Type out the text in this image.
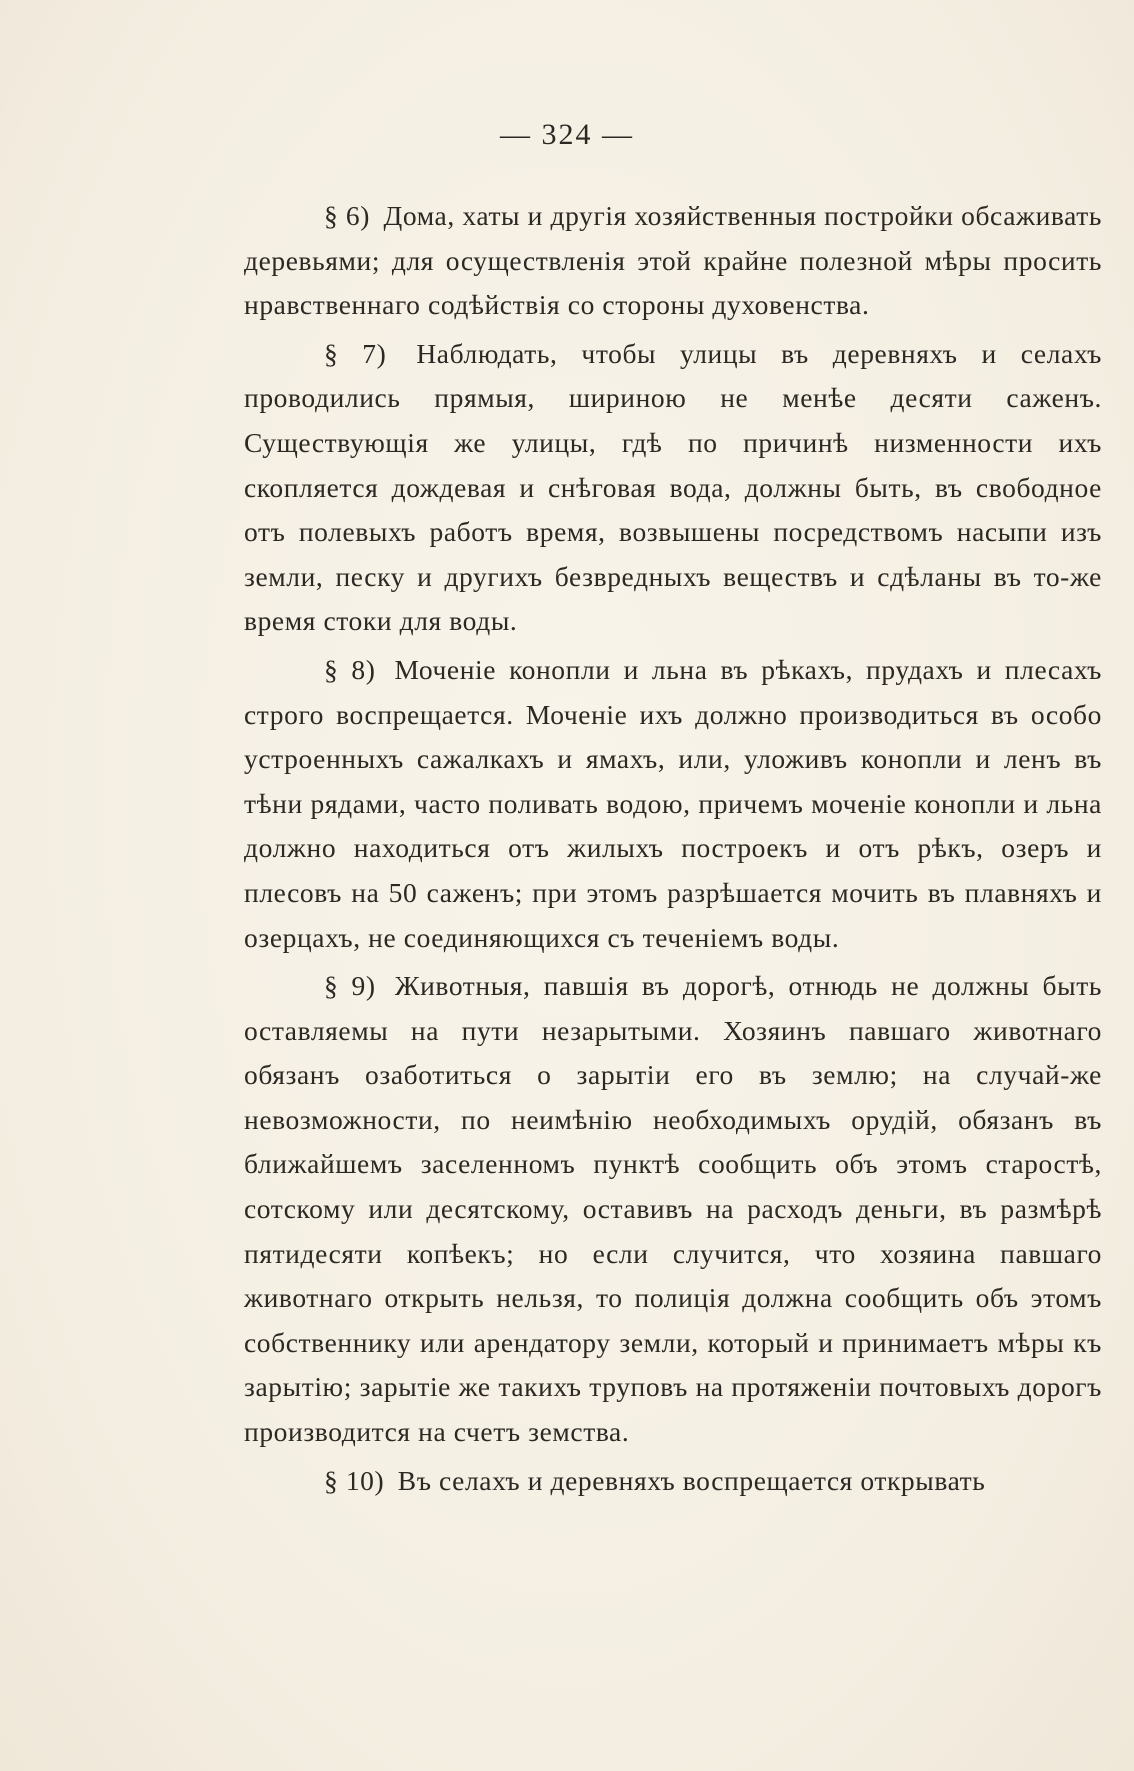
— 324 —

§ 6) Дома, хаты и другія хозяйственныя постройки обсаживать деревьями; для осуществленія этой крайне полезной мѣры просить нравственнаго содѣйствія со стороны духовенства.

§ 7) Наблюдать, чтобы улицы въ деревняхъ и селахъ проводились прямыя, шириною не менѣе десяти саженъ. Существующія же улицы, гдѣ по причинѣ низменности ихъ скопляется дождевая и снѣговая вода, должны быть, въ свободное отъ полевыхъ работъ время, возвышены посредствомъ насыпи изъ земли, песку и другихъ безвредныхъ веществъ и сдѣланы въ то-же время стоки для воды.

§ 8) Моченіе конопли и льна въ рѣкахъ, прудахъ и плесахъ строго воспрещается. Моченіе ихъ должно производиться въ особо устроенныхъ сажалкахъ и ямахъ, или, уложивъ конопли и ленъ въ тѣни рядами, часто поливать водою, причемъ моченіе конопли и льна должно находиться отъ жилыхъ построекъ и отъ рѣкъ, озеръ и плесовъ на 50 саженъ; при этомъ разрѣшается мочить въ плавняхъ и озерцахъ, не соединяющихся съ теченіемъ воды.

§ 9) Животныя, павшія въ дорогѣ, отнюдь не должны быть оставляемы на пути незарытыми. Хозяинъ павшаго животнаго обязанъ озаботиться о зарытіи его въ землю; на случай-же невозможности, по неимѣнію необходимыхъ орудій, обязанъ въ ближайшемъ заселенномъ пунктѣ сообщить объ этомъ старостѣ, сотскому или десятскому, оставивъ на расходъ деньги, въ размѣрѣ пятидесяти копѣекъ; но если случится, что хозяина павшаго животнаго открыть нельзя, то полиція должна сообщить объ этомъ собственнику или арендатору земли, который и принимаетъ мѣры къ зарытію; зарытіе же такихъ труповъ на протяженіи почтовыхъ дорогъ производится на счетъ земства.

§ 10) Въ селахъ и деревняхъ воспрещается открывать
